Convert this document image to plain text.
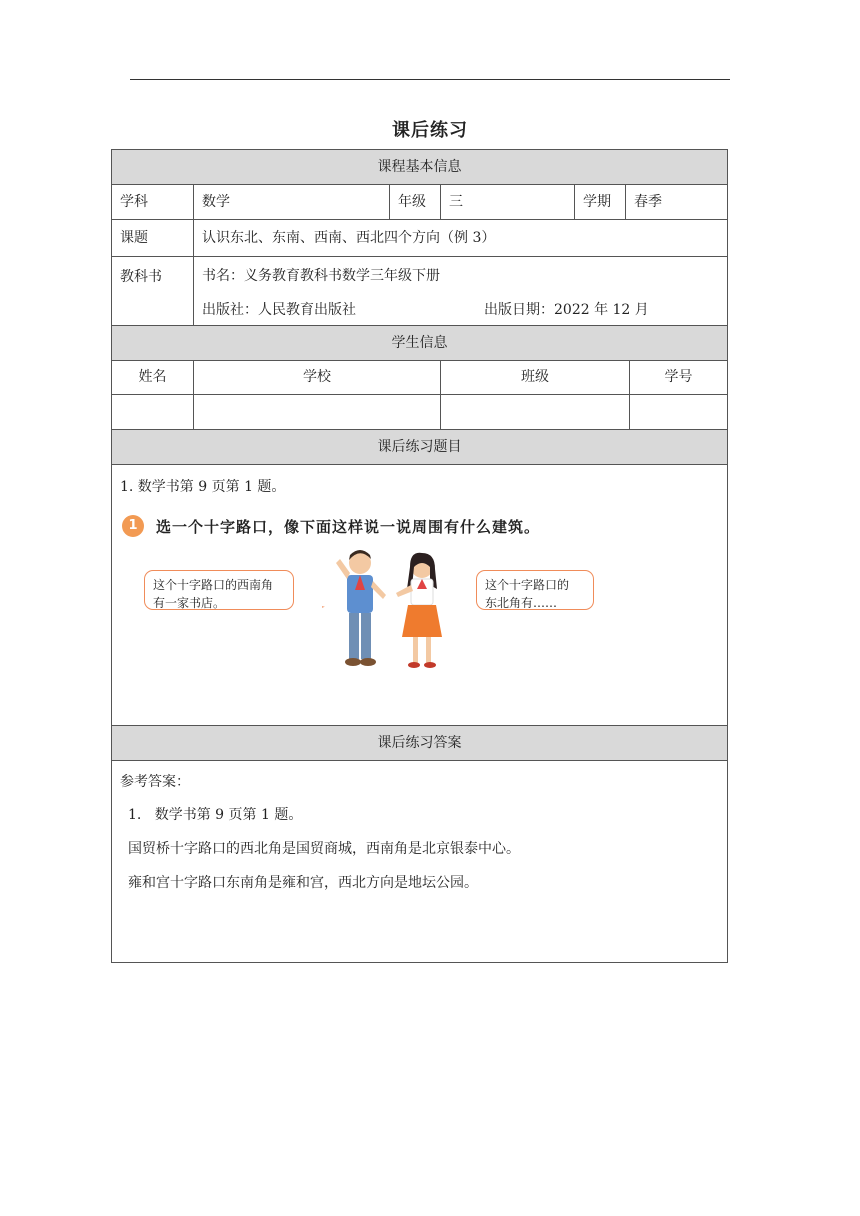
课后练习
课程基本信息
学科	数学	年级	三	学期	春季
课题	认识东北、东南、西南、西北四个方向（例 3）
教科书	书名：义务教育教科书数学三年级下册
出版社：人民教育出版社	出版日期：2022 年 12 月
学生信息
姓名	学校	班级	学号
课后练习题目
1. 数学书第 9 页第 1 题。
1	选一个十字路口，像下面这样说一说周围有什么建筑。
这个十字路口的西南角
有一家书店。
这个十字路口的
东北角有……
课后练习答案
参考答案：
1.   数学书第 9 页第 1 题。
国贸桥十字路口的西北角是国贸商城，西南角是北京银泰中心。
雍和宫十字路口东南角是雍和宫，西北方向是地坛公园。
